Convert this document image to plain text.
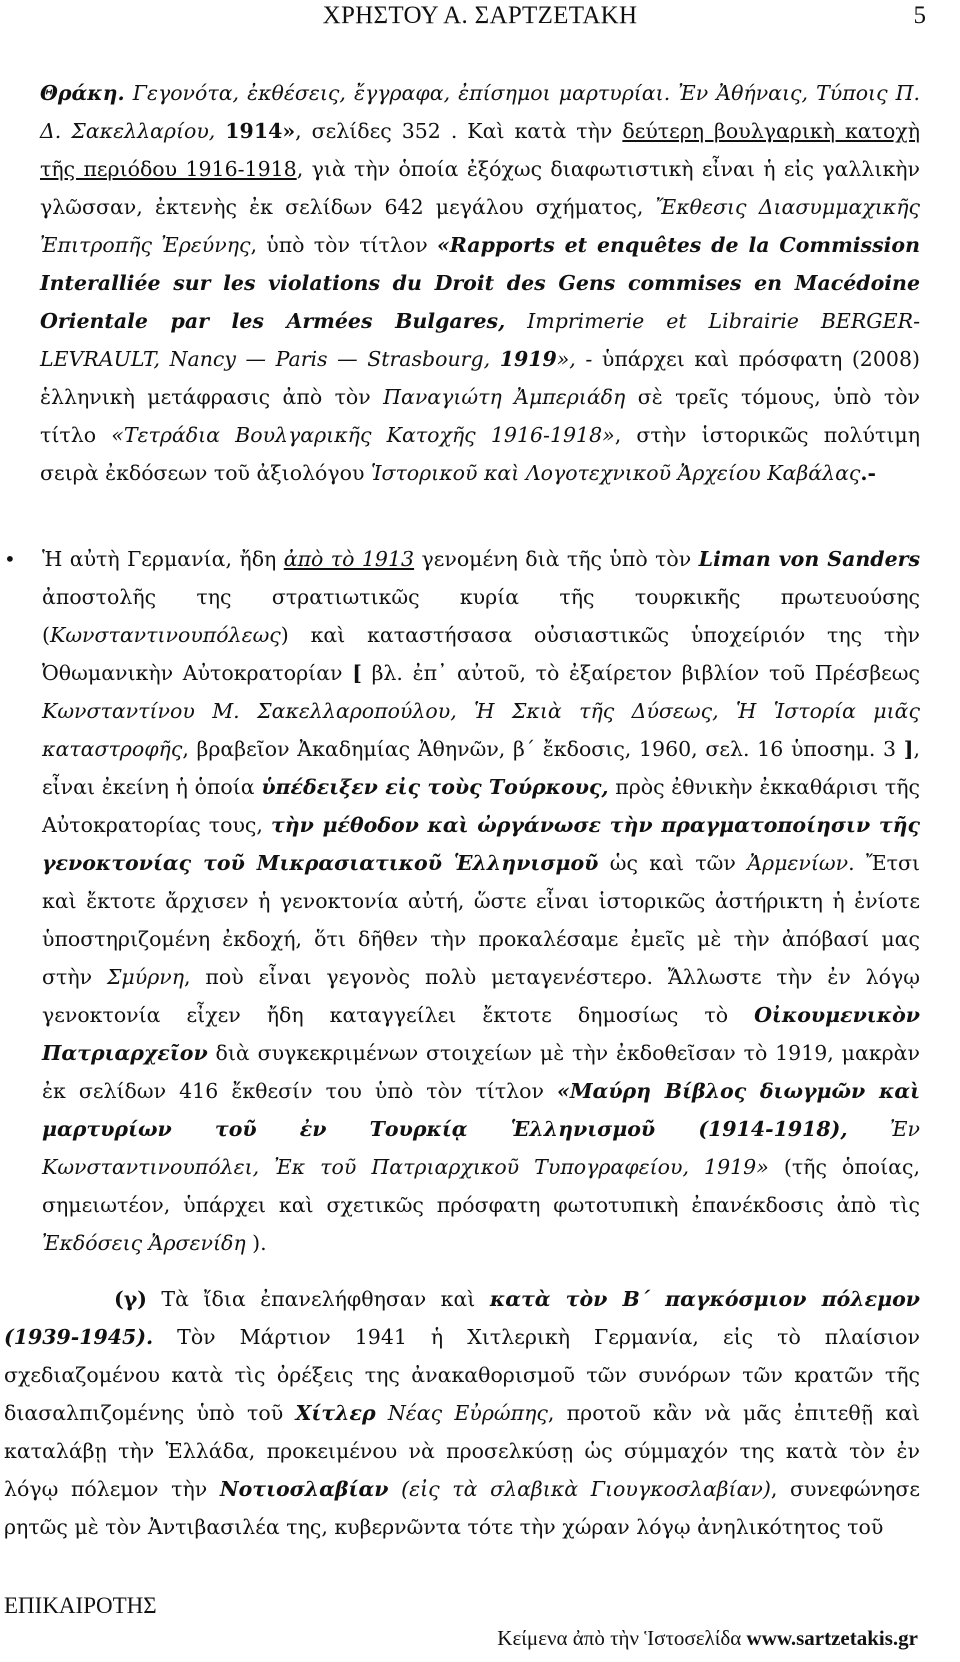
ΧΡΗΣΤΟΥ Α. ΣΑΡΤΖΕΤΑΚΗ	5

Θράκη. Γεγονότα, ἐκθέσεις, ἔγγραφα, ἐπίσημοι μαρτυρίαι. Ἐν Ἀθήναις, Τύποις Π. Δ. Σακελλαρίου, 1914», σελίδες 352 . Καὶ κατὰ τὴν δεύτερη βουλγαρικὴ κατοχὴ τῆς περιόδου 1916-1918, γιὰ τὴν ὁποία ἐξόχως διαφωτιστικὴ εἶναι ἡ εἰς γαλλικὴν γλῶσσαν, ἐκτενὴς ἐκ σελίδων 642 μεγάλου σχήματος, Ἔκθεσις Διασυμμαχικῆς Ἐπιτροπῆς Ἐρεύνης, ὑπὸ τὸν τίτλον «Rapports et enquêtes de la Commission Interalliée sur les violations du Droit des Gens commises en Macédoine Orientale par les Armées Bulgares, Imprimerie et Librairie BERGER- LEVRAULT, Nancy — Paris — Strasbourg, 1919», - ὑπάρχει καὶ πρόσφατη (2008) ἑλληνικὴ μετάφρασις ἀπὸ τὸν Παναγιώτη Ἀμπεριάδη σὲ τρεῖς τόμους, ὑπὸ τὸν τίτλο «Τετράδια Βουλγαρικῆς Κατοχῆς 1916-1918», στὴν ἱστορικῶς πολύτιμη σειρὰ ἐκδόσεων τοῦ ἀξιολόγου Ἱστορικοῦ καὶ Λογοτεχνικοῦ Ἀρχείου Καβάλας.-

• Ἡ αὐτὴ Γερμανία, ἤδη ἀπὸ τὸ 1913 γενομένη διὰ τῆς ὑπὸ τὸν Liman von Sanders ἀποστολῆς της στρατιωτικῶς κυρία τῆς τουρκικῆς πρωτευούσης (Κωνσταντινουπόλεως) καὶ καταστήσασα οὐσιαστικῶς ὑποχείριόν της τὴν Ὀθωμανικὴν Αὐτοκρατορίαν [ βλ. ἐπ᾽ αὐτοῦ, τὸ ἐξαίρετον βιβλίον τοῦ Πρέσβεως Κωνσταντίνου Μ. Σακελλαροπούλου, Ἡ Σκιὰ τῆς Δύσεως, Ἡ Ἱστορία μιᾶς καταστροφῆς, βραβεῖον Ἀκαδημίας Ἀθηνῶν, β΄ ἔκδοσις, 1960, σελ. 16 ὑποσημ. 3 ], εἶναι ἐκείνη ἡ ὁποία ὑπέδειξεν εἰς τοὺς Τούρκους, πρὸς ἐθνικὴν ἐκκαθάρισι τῆς Αὐτοκρατορίας τους, τὴν μέθοδον καὶ ὠργάνωσε τὴν πραγματοποίησιν τῆς γενοκτονίας τοῦ Μικρασιατικοῦ Ἑλληνισμοῦ ὡς καὶ τῶν Ἀρμενίων. Ἔτσι καὶ ἔκτοτε ἄρχισεν ἡ γενοκτονία αὐτή, ὥστε εἶναι ἱστορικῶς ἀστήρικτη ἡ ἐνίοτε ὑποστηριζομένη ἐκδοχή, ὅτι δῆθεν τὴν προκαλέσαμε ἐμεῖς μὲ τὴν ἀπόβασί μας στὴν Σμύρνη, ποὺ εἶναι γεγονὸς πολὺ μεταγενέστερο. Ἄλλωστε τὴν ἐν λόγῳ γενοκτονία εἶχεν ἤδη καταγγείλει ἔκτοτε δημοσίως τὸ Οἰκουμενικὸν Πατριαρχεῖον διὰ συγκεκριμένων στοιχείων μὲ τὴν ἐκδοθεῖσαν τὸ 1919, μακρὰν ἐκ σελίδων 416 ἔκθεσίν του ὑπὸ τὸν τίτλον «Μαύρη Βίβλος διωγμῶν καὶ μαρτυρίων τοῦ ἐν Τουρκίᾳ Ἑλληνισμοῦ (1914-1918), Ἐν Κωνσταντινουπόλει, Ἐκ τοῦ Πατριαρχικοῦ Τυπογραφείου, 1919» (τῆς ὁποίας, σημειωτέον, ὑπάρχει καὶ σχετικῶς πρόσφατη φωτοτυπικὴ ἐπανέκδοσις ἀπὸ τὶς Ἐκδόσεις Ἀρσενίδη ).

(γ) Τὰ ἴδια ἐπανελήφθησαν καὶ κατὰ τὸν Β΄ παγκόσμιον πόλεμον (1939-1945). Τὸν Μάρτιον 1941 ἡ Χιτλερικὴ Γερμανία, εἰς τὸ πλαίσιον σχεδιαζομένου κατὰ τὶς ὀρέξεις της ἀνακαθορισμοῦ τῶν συνόρων τῶν κρατῶν τῆς διασαλπιζομένης ὑπὸ τοῦ Χίτλερ Νέας Εὐρώπης, προτοῦ κἂν νὰ μᾶς ἐπιτεθῇ καὶ καταλάβῃ τὴν Ἑλλάδα, προκειμένου νὰ προσελκύσῃ ὡς σύμμαχόν της κατὰ τὸν ἐν λόγῳ πόλεμον τὴν Νοτιοσλαβίαν (εἰς τὰ σλαβικὰ Γιουγκοσλαβίαν), συνεφώνησε ρητῶς μὲ τὸν Ἀντιβασιλέα της, κυβερνῶντα τότε τὴν χώραν λόγῳ ἀνηλικότητος τοῦ

ΕΠΙΚΑΙΡΟΤΗΣ
Κείμενα ἀπὸ τὴν Ἱστοσελίδα www.sartzetakis.gr
